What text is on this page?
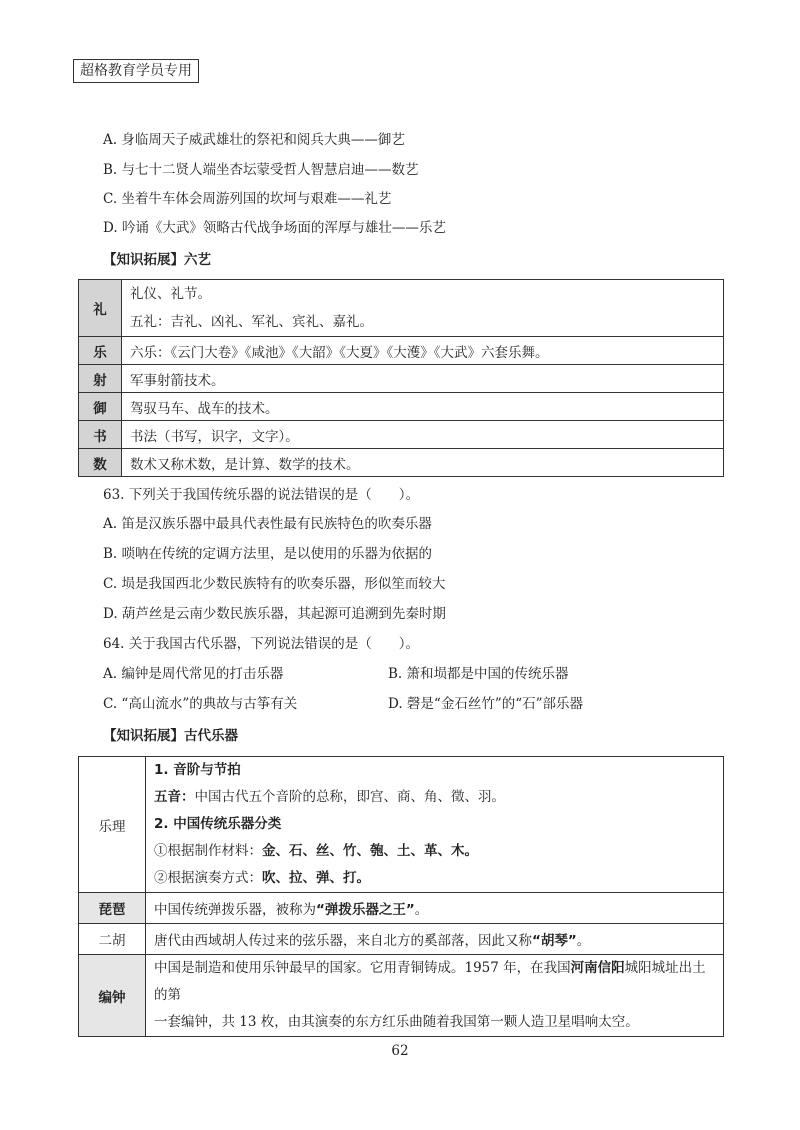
超格教育学员专用
A. 身临周天子威武雄壮的祭祀和阅兵大典——御艺
B. 与七十二贤人端坐杏坛蒙受哲人智慧启迪——数艺
C. 坐着牛车体会周游列国的坎坷与艰难——礼艺
D. 吟诵《大武》领略古代战争场面的浑厚与雄壮——乐艺
【知识拓展】六艺
礼	礼仪、礼节。
五礼：吉礼、凶礼、军礼、宾礼、嘉礼。

乐	六乐：《云门大卷》《咸池》《大韶》《大夏》《大濩》《大武》六套乐舞。
射	军事射箭技术。
御	驾驭马车、战车的技术。
书	书法（书写，识字，文字）。
数	数术又称术数，是计算、数学的技术。
63. 下列关于我国传统乐器的说法错误的是（　　）。
A. 笛是汉族乐器中最具代表性最有民族特色的吹奏乐器
B. 唢呐在传统的定调方法里，是以使用的乐器为依据的
C. 埙是我国西北少数民族特有的吹奏乐器，形似笙而较大
D. 葫芦丝是云南少数民族乐器，其起源可追溯到先秦时期
64. 关于我国古代乐器，下列说法错误的是（　　）。
A. 编钟是周代常见的打击乐器	B. 箫和埙都是中国的传统乐器
C. “高山流水”的典故与古筝有关	D. 磬是“金石丝竹”的“石”部乐器
【知识拓展】古代乐器
乐理	1. 音阶与节拍
五音：中国古代五个音阶的总称，即宫、商、角、徵、羽。
2. 中国传统乐器分类
①根据制作材料：金、石、丝、竹、匏、土、革、木。
②根据演奏方式：吹、拉、弹、打。

琵琶	中国传统弹拨乐器，被称为“弹拨乐器之王”。
二胡	唐代由西域胡人传过来的弦乐器，来自北方的奚部落，因此又称“胡琴”。
编钟	中国是制造和使用乐钟最早的国家。它用青铜铸成。1957 年，在我国河南信阳城阳城址出土的第
一套编钟，共 13 枚，由其演奏的东方红乐曲随着我国第一颗人造卫星唱响太空。
62
